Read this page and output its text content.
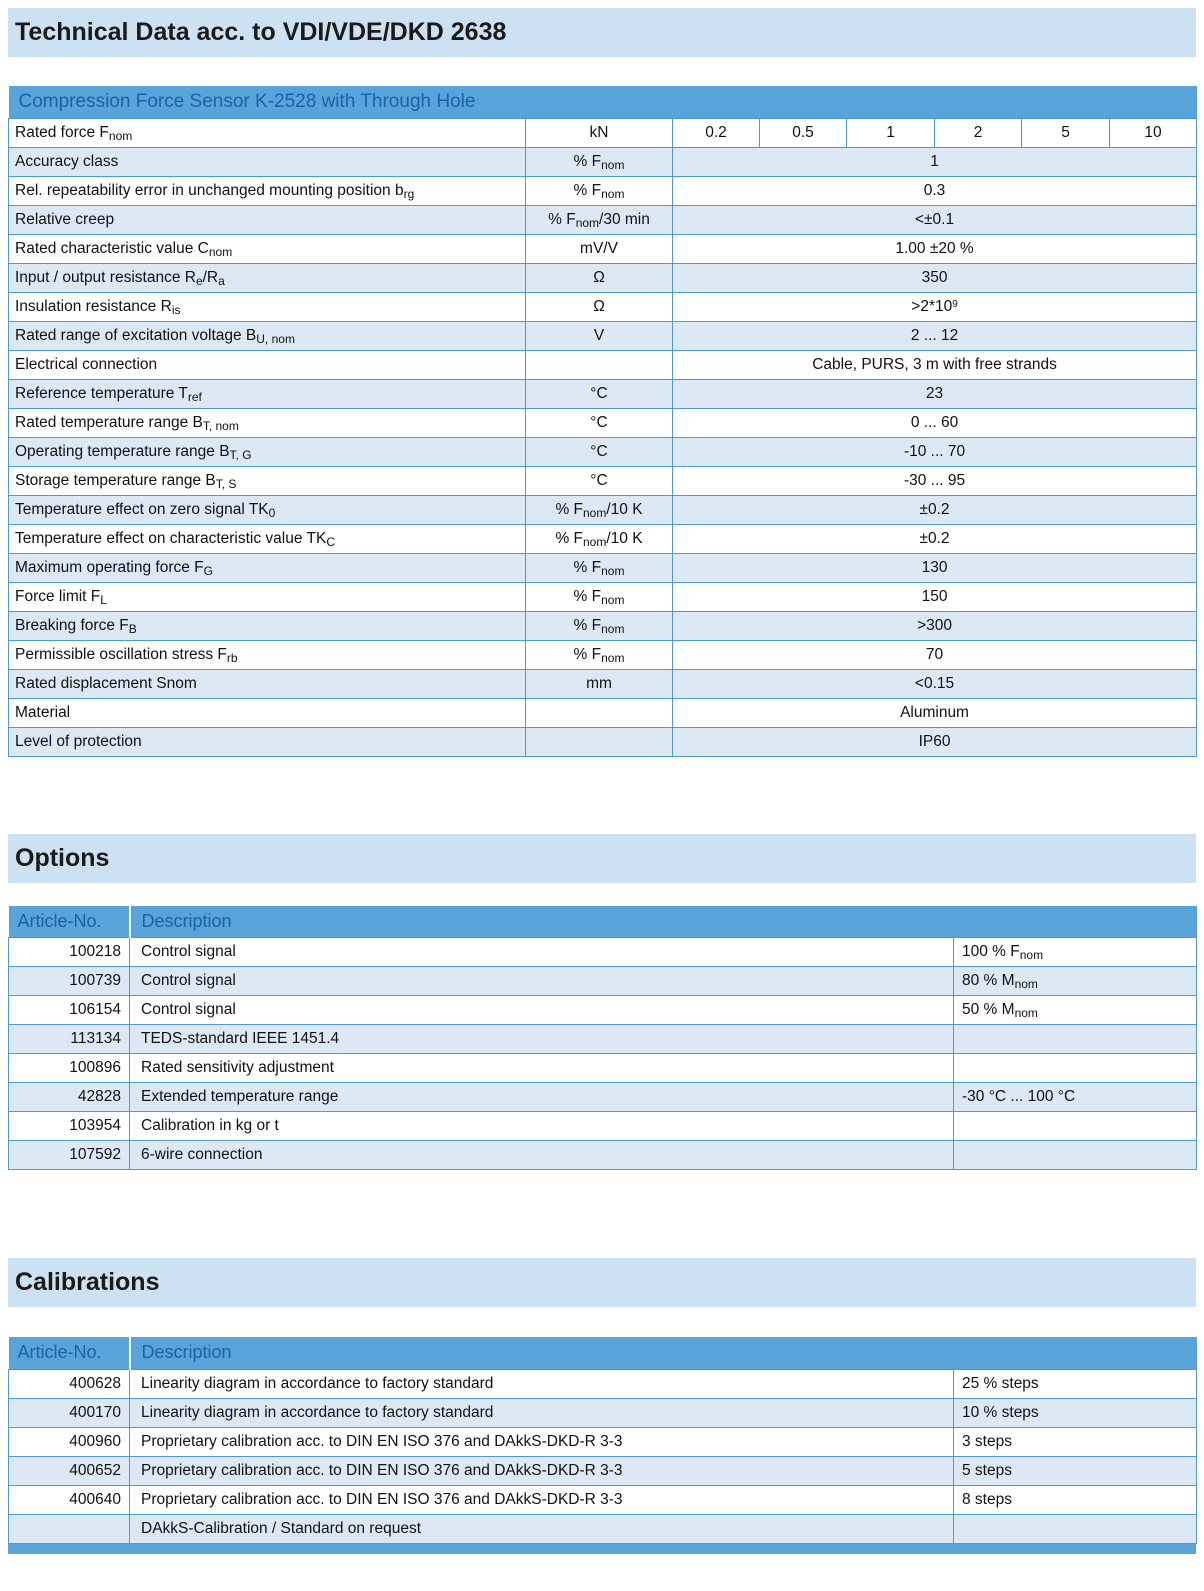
Technical Data acc. to VDI/VDE/DKD 2638
Compression Force Sensor K-2528 with Through Hole							
Rated force $F_{nom}$	kN	0.2	0.5	1	2	5	10
Accuracy class	% $F_{nom}$	1					
Rel. repeatability error in unchanged mounting position $b_{rg}$	% $F_{nom}$	0.3					
Relative creep	% $F_{nom}/30$ min	<±0.1					
Rated characteristic value $C_{nom}$	mV/V	1.00 ±20 %					
Input / output resistance $R_e/R_a$	Ω	350					
Insulation resistance $R_{is}$	Ω	$>2*10^9$
Rated range of excitation voltage $B_{U, nom}$	V	2 ... 12					
Electrical connection		Cable, PURS, 3 m with free strands					
Reference temperature $T_{ref}$	°C	23					
Rated temperature range $B_{T, nom}$	°C	0 ... 60					
Operating temperature range $B_{T, G}$	°C	-10 ... 70					
Storage temperature range $B_{T, S}$	°C	-30 ... 95					
Temperature effect on zero signal $TK_0$	% $F_{nom}/10$ K	±0.2					
Temperature effect on characteristic value $TK_C$	% $F_{nom}/10$ K	±0.2					
Maximum operating force $F_G$	% $F_{nom}$	130					
Force limit $F_L$	% $F_{nom}$	150					
Breaking force $F_B$	% $F_{nom}$	>300					
Permissible oscillation stress $F_{rb}$	% $F_{nom}$	70					
Rated displacement Snom	mm	<0.15					
Material		Aluminum					
Level of protection		IP60					
Options
Article-No.	Description	
100218	Control signal	100 % $F_{nom}$
100739	Control signal	80 % $M_{nom}$
106154	Control signal	50 % $M_{nom}$
113134	TEDS-standard IEEE 1451.4	
100896	Rated sensitivity adjustment	
42828	Extended temperature range	-30 °C ... 100 °C
103954	Calibration in kg or t	
107592	6-wire connection	
Calibrations
Article-No.	Description	
400628	Linearity diagram in accordance to factory standard	25 % steps
400170	Linearity diagram in accordance to factory standard	10 % steps
400960	Proprietary calibration acc. to DIN EN ISO 376 and DAkkS-DKD-R 3-3	3 steps
400652	Proprietary calibration acc. to DIN EN ISO 376 and DAkkS-DKD-R 3-3	5 steps
400640	Proprietary calibration acc. to DIN EN ISO 376 and DAkkS-DKD-R 3-3	8 steps
	DAkkS-Calibration / Standard on request	
